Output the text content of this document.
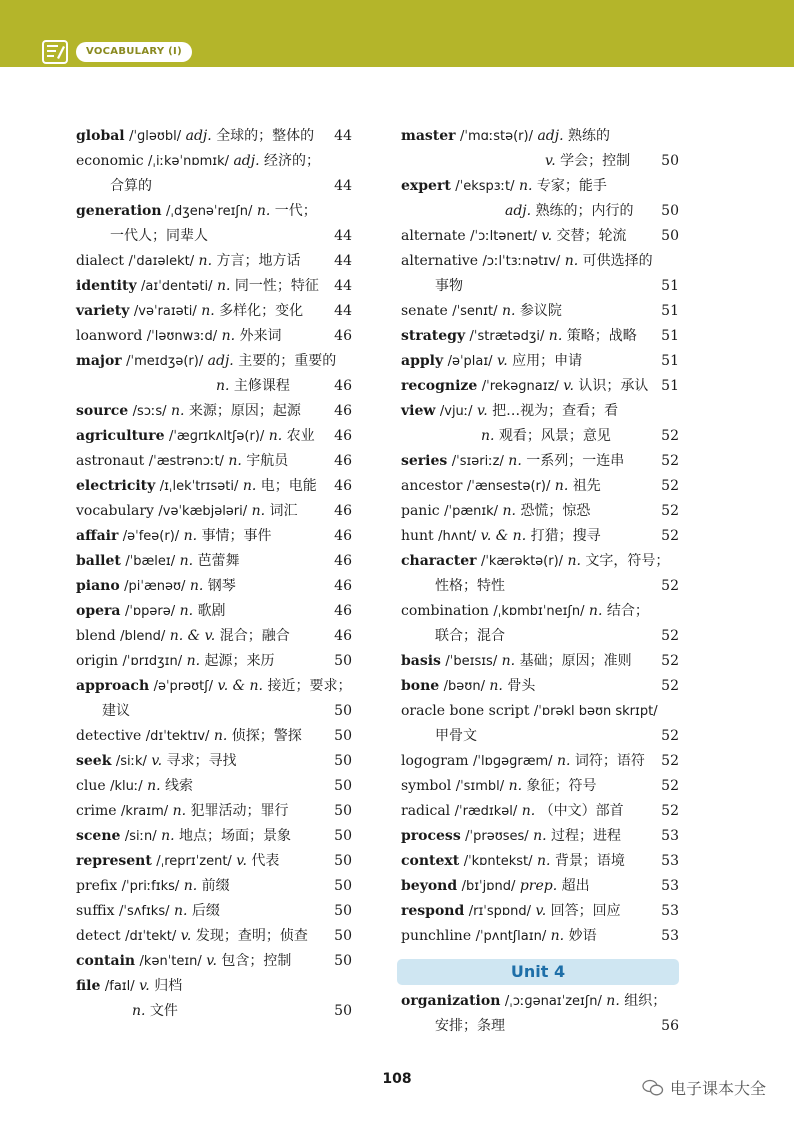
VOCABULARY (I)
global /ˈɡləʊbl/ adj. 全球的；整体的 44
economic /ˌiːkəˈnɒmɪk/ adj. 经济的；
合算的	44
generation /ˌdʒenəˈreɪʃn/ n. 一代；
一代人；同辈人	44
dialect /ˈdaɪəlekt/ n. 方言；地方话 44
identity /aɪˈdentəti/ n. 同一性；特征 44
variety /vəˈraɪəti/ n. 多样化；变化 44
loanword /ˈləʊnwɜːd/ n. 外来词	46
major /ˈmeɪdʒə(r)/ adj. 主要的；重要的
n. 主修课程	46
source /sɔːs/ n. 来源；原因；起源 46
agriculture /ˈæɡrɪkʌltʃə(r)/ n. 农业 46
astronaut /ˈæstrənɔːt/ n. 宇航员	46
electricity /ɪˌlekˈtrɪsəti/ n. 电；电能 46
vocabulary /vəˈkæbjələri/ n. 词汇	46
affair /əˈfeə(r)/ n. 事情；事件	46
ballet /ˈbæleɪ/ n. 芭蕾舞	46
piano /piˈænəʊ/ n. 钢琴	46
opera /ˈɒpərə/ n. 歌剧	46
blend /blend/ n. & v. 混合；融合	46
origin /ˈɒrɪdʒɪn/ n. 起源；来历	50
approach /əˈprəʊtʃ/ v. & n. 接近；要求；
建议	50
detective /dɪˈtektɪv/ n. 侦探；警探 50
seek /siːk/ v. 寻求；寻找	50
clue /kluː/ n. 线索	50
crime /kraɪm/ n. 犯罪活动；罪行	50
scene /siːn/ n. 地点；场面；景象	50
represent /ˌreprɪˈzent/ v. 代表	50
prefix /ˈpriːfɪks/ n. 前缀	50
suffix /ˈsʌfɪks/ n. 后缀	50
detect /dɪˈtekt/ v. 发现；查明；侦查 50
contain /kənˈteɪn/ v. 包含；控制	50
file /faɪl/ v. 归档
n. 文件	50
master /ˈmɑːstə(r)/ adj. 熟练的
v. 学会；控制 50
expert /ˈekspɜːt/ n. 专家；能手
adj. 熟练的；内行的 50
alternate /ˈɔːltəneɪt/ v. 交替；轮流 50
alternative /ɔːlˈtɜːnətɪv/ n. 可供选择的
事物	51
senate /ˈsenɪt/ n. 参议院	51
strategy /ˈstrætədʒi/ n. 策略；战略 51
apply /əˈplaɪ/ v. 应用；申请	51
recognize /ˈrekəɡnaɪz/ v. 认识；承认 51
view /vjuː/ v. 把…视为；查看；看
n. 观看；风景；意见	52
series /ˈsɪəriːz/ n. 一系列；一连串	52
ancestor /ˈænsestə(r)/ n. 祖先	52
panic /ˈpænɪk/ n. 恐慌；惊恐	52
hunt /hʌnt/ v. & n. 打猎；搜寻	52
character /ˈkærəktə(r)/ n. 文字，符号；
性格；特性	52
combination /ˌkɒmbɪˈneɪʃn/ n. 结合；
联合；混合	52
basis /ˈbeɪsɪs/ n. 基础；原因；准则 52
bone /bəʊn/ n. 骨头	52
oracle bone script /ˈɒrəkl bəʊn skrɪpt/
甲骨文	52
logogram /ˈlɒɡəɡræm/ n. 词符；语符 52
symbol /ˈsɪmbl/ n. 象征；符号	52
radical /ˈrædɪkəl/ n. （中文）部首	52
process /ˈprəʊses/ n. 过程；进程	53
context /ˈkɒntekst/ n. 背景；语境	53
beyond /bɪˈjɒnd/ prep. 超出	53
respond /rɪˈspɒnd/ v. 回答；回应	53
punchline /ˈpʌntʃlaɪn/ n. 妙语	53
Unit 4
organization /ˌɔːɡənaɪˈzeɪʃn/ n. 组织；
安排；条理	56
108	电子课本大全
